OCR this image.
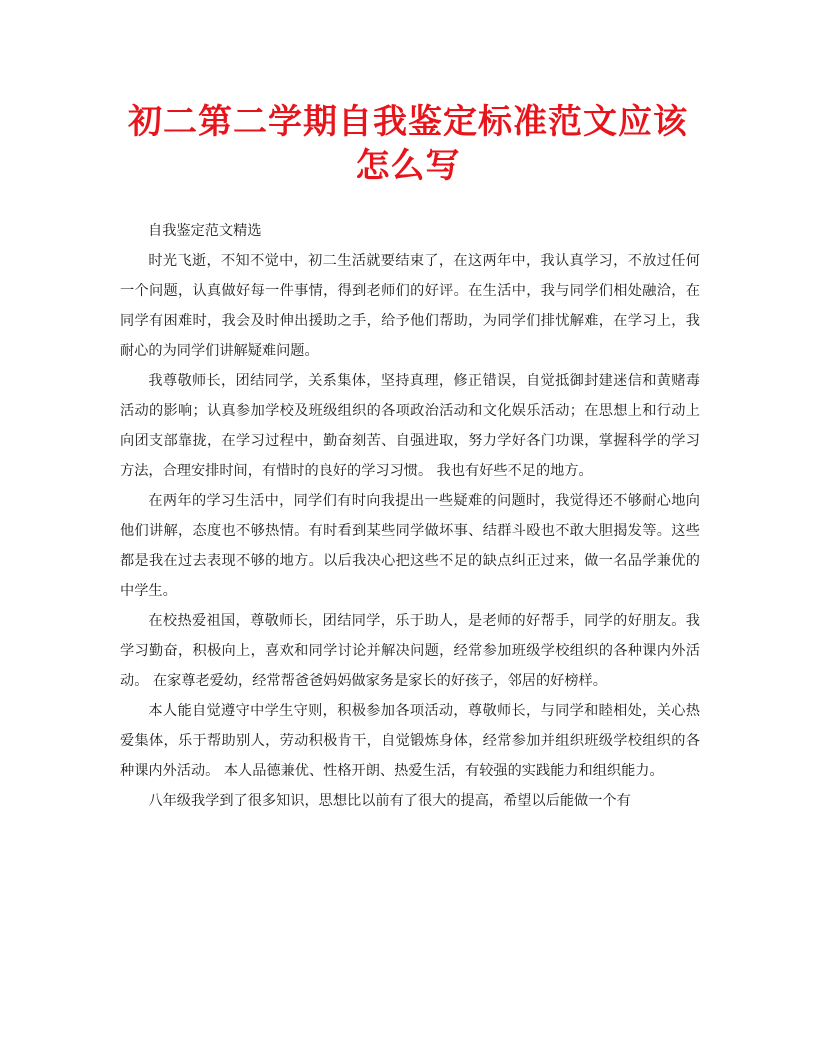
初二第二学期自我鉴定标准范文应该怎么写
自我鉴定范文精选

时光飞逝，不知不觉中，初二生活就要结束了，在这两年中，我认真学习，不放过任何一个问题，认真做好每一件事情，得到老师们的好评。在生活中，我与同学们相处融洽，在同学有困难时，我会及时伸出援助之手，给予他们帮助，为同学们排忧解难，在学习上，我耐心的为同学们讲解疑难问题。

我尊敬师长，团结同学，关系集体，坚持真理，修正错误，自觉抵御封建迷信和黄赌毒活动的影响；认真参加学校及班级组织的各项政治活动和文化娱乐活动；在思想上和行动上向团支部靠拢，在学习过程中，勤奋刻苦、自强进取，努力学好各门功课，掌握科学的学习方法，合理安排时间，有惜时的良好的学习习惯。 我也有好些不足的地方。

在两年的学习生活中，同学们有时向我提出一些疑难的问题时，我觉得还不够耐心地向他们讲解，态度也不够热情。有时看到某些同学做坏事、结群斗殴也不敢大胆揭发等。这些都是我在过去表现不够的地方。以后我决心把这些不足的缺点纠正过来，做一名品学兼优的中学生。

在校热爱祖国，尊敬师长，团结同学，乐于助人，是老师的好帮手，同学的好朋友。我学习勤奋，积极向上，喜欢和同学讨论并解决问题，经常参加班级学校组织的各种课内外活动。 在家尊老爱幼，经常帮爸爸妈妈做家务是家长的好孩子，邻居的好榜样。

本人能自觉遵守中学生守则，积极参加各项活动，尊敬师长，与同学和睦相处，关心热爱集体，乐于帮助别人，劳动积极肯干，自觉锻炼身体，经常参加并组织班级学校组织的各种课内外活动。 本人品德兼优、性格开朗、热爱生活，有较强的实践能力和组织能力。

八年级我学到了很多知识，思想比以前有了很大的提高，希望以后能做一个有
